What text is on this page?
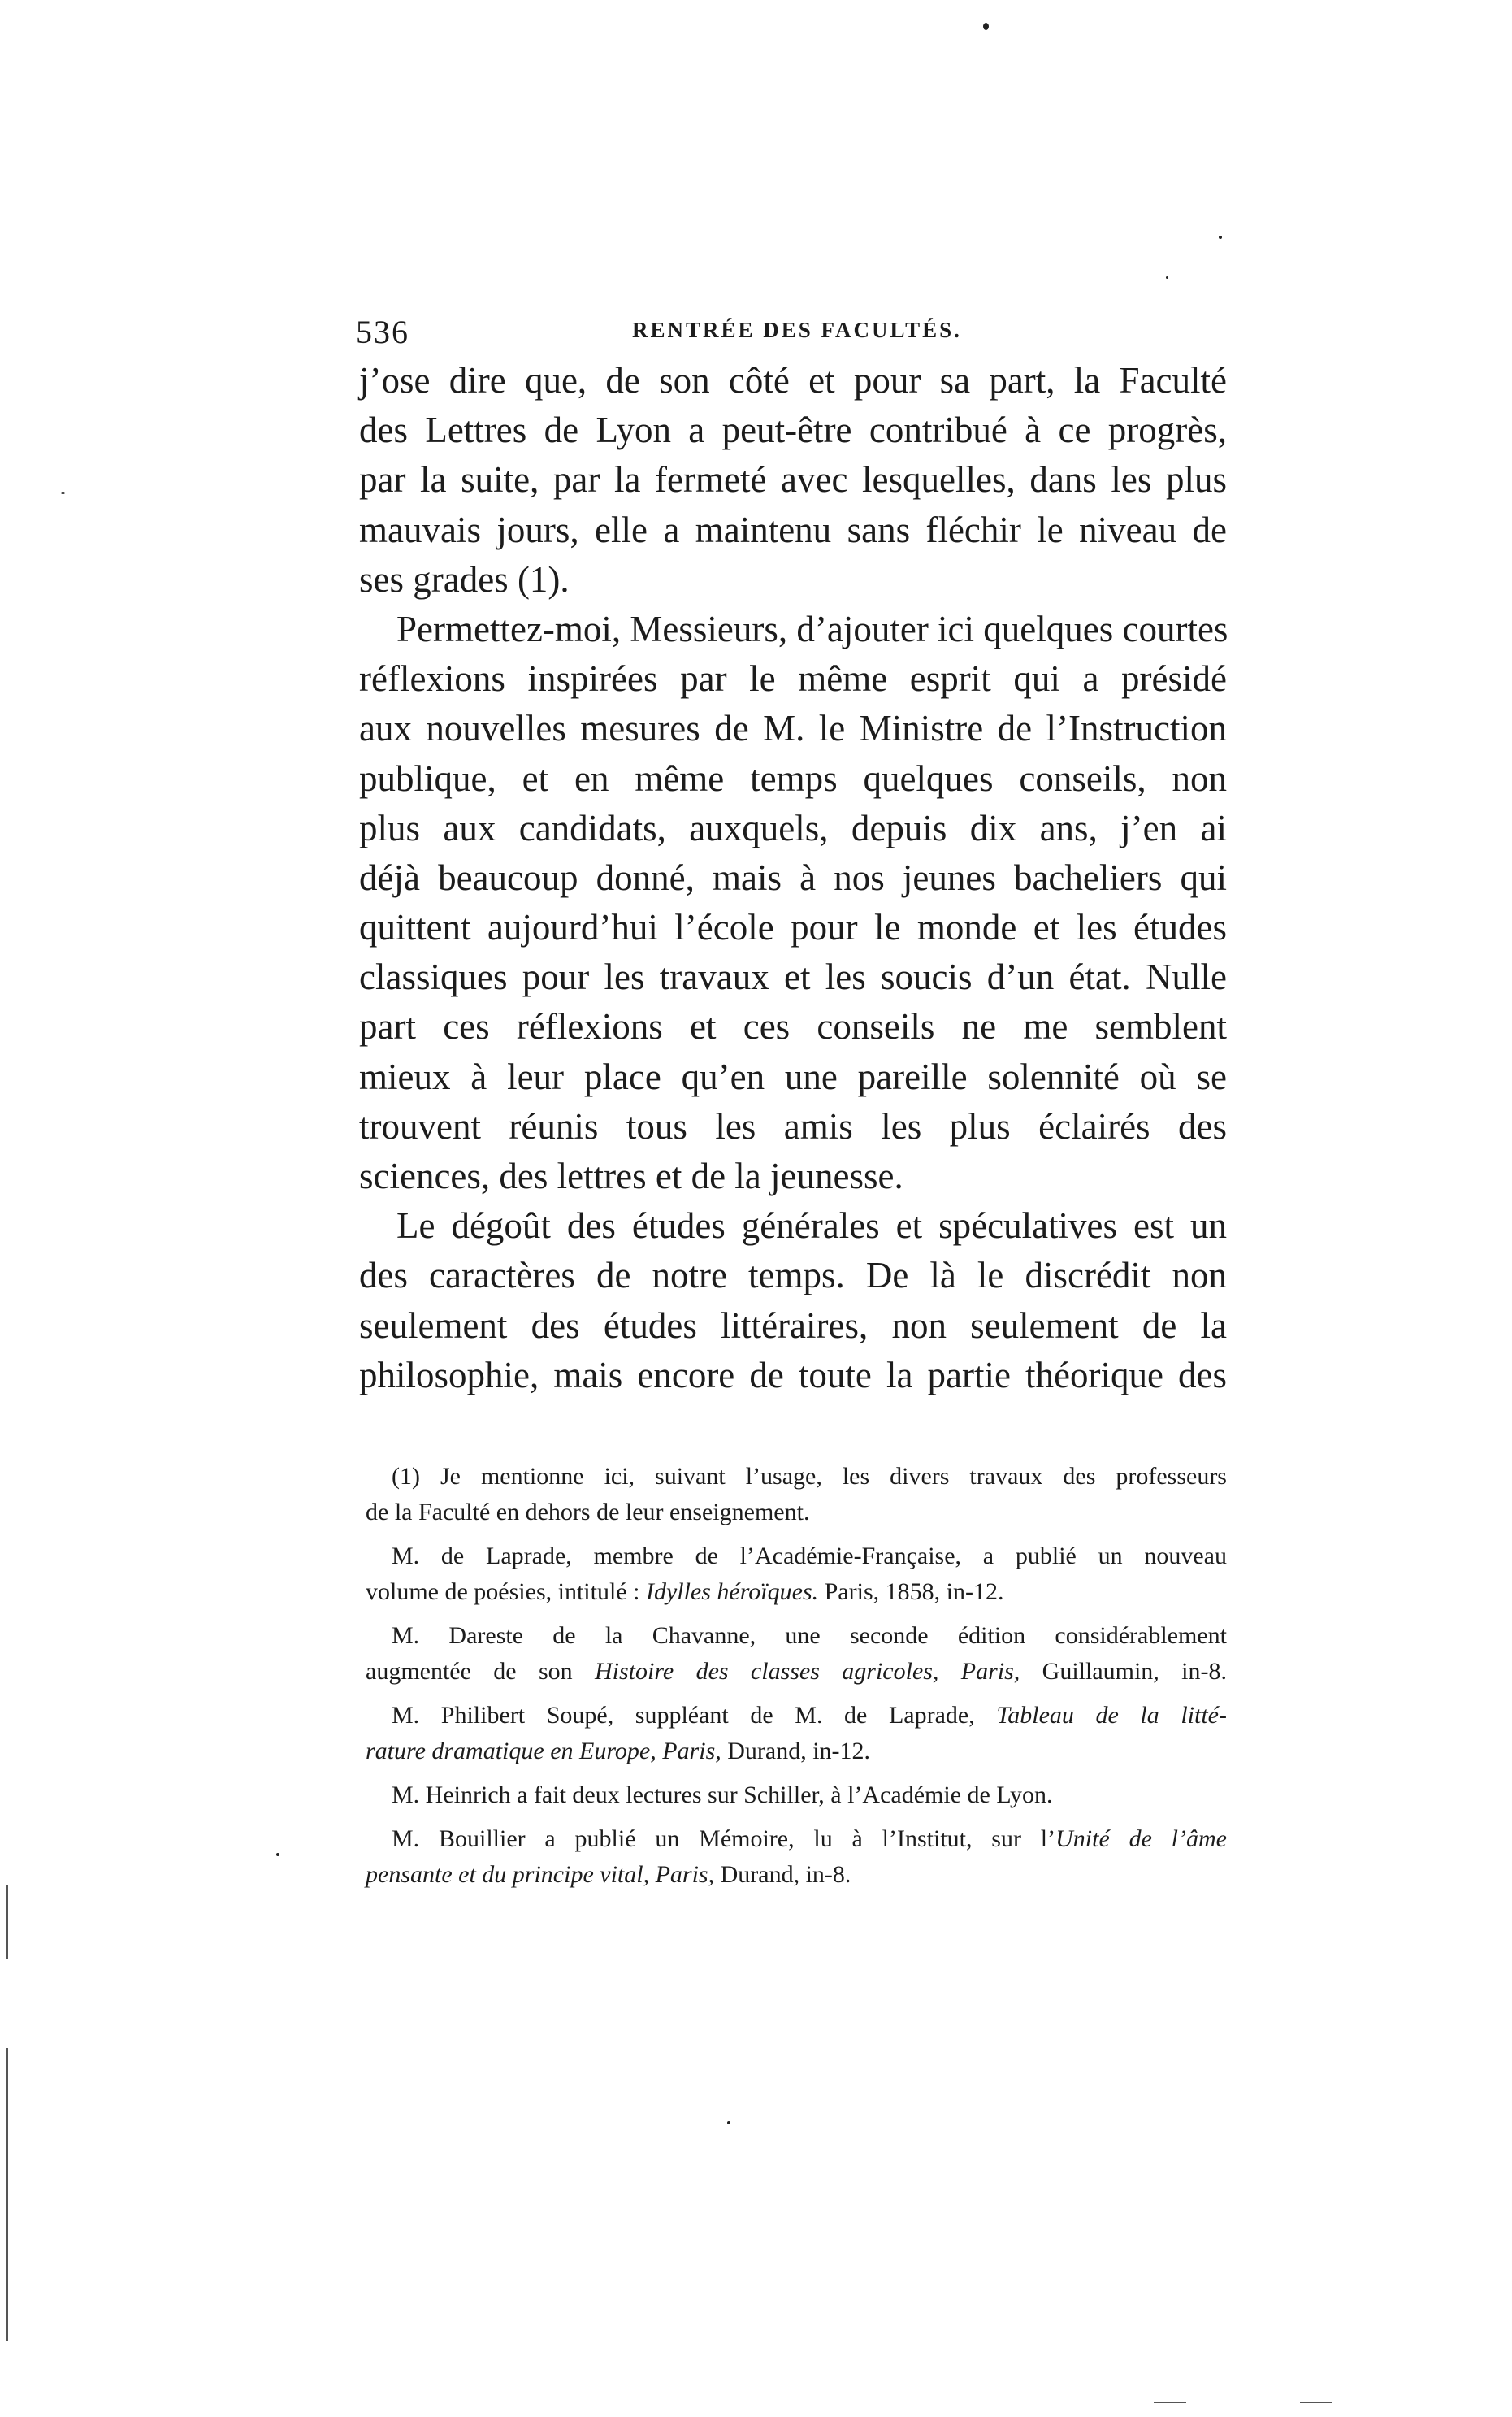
536	RENTRÉE DES FACULTÉS.
j’ose dire que, de son côté et pour sa part, la Faculté
des Lettres de Lyon a peut-être contribué à ce progrès,
par la suite, par la fermeté avec lesquelles, dans les plus
mauvais jours, elle a maintenu sans fléchir le niveau de
ses grades (1).
Permettez-moi, Messieurs, d’ajouter ici quelques courtes
réflexions inspirées par le même esprit qui a présidé
aux nouvelles mesures de M. le Ministre de l’Instruction
publique, et en même temps quelques conseils, non
plus aux candidats, auxquels, depuis dix ans, j’en ai
déjà beaucoup donné, mais à nos jeunes bacheliers qui
quittent aujourd’hui l’école pour le monde et les études
classiques pour les travaux et les soucis d’un état. Nulle
part ces réflexions et ces conseils ne me semblent
mieux à leur place qu’en une pareille solennité où se
trouvent réunis tous les amis les plus éclairés des
sciences, des lettres et de la jeunesse.
Le dégoût des études générales et spéculatives est un
des caractères de notre temps. De là le discrédit non
seulement des études littéraires, non seulement de la
philosophie, mais encore de toute la partie théorique des
(1) Je mentionne ici, suivant l’usage, les divers travaux des professeurs
de la Faculté en dehors de leur enseignement.
M. de Laprade, membre de l’Académie-Française, a publié un nouveau
volume de poésies, intitulé : Idylles héroïques. Paris, 1858, in-12.
M. Dareste de la Chavanne, une seconde édition considérablement
augmentée de son Histoire des classes agricoles, Paris, Guillaumin, in-8.
M. Philibert Soupé, suppléant de M. de Laprade, Tableau de la litté-
rature dramatique en Europe, Paris, Durand, in-12.
M. Heinrich a fait deux lectures sur Schiller, à l’Académie de Lyon.
M. Bouillier a publié un Mémoire, lu à l’Institut, sur l’Unité de l’âme
pensante et du principe vital, Paris, Durand, in-8.
